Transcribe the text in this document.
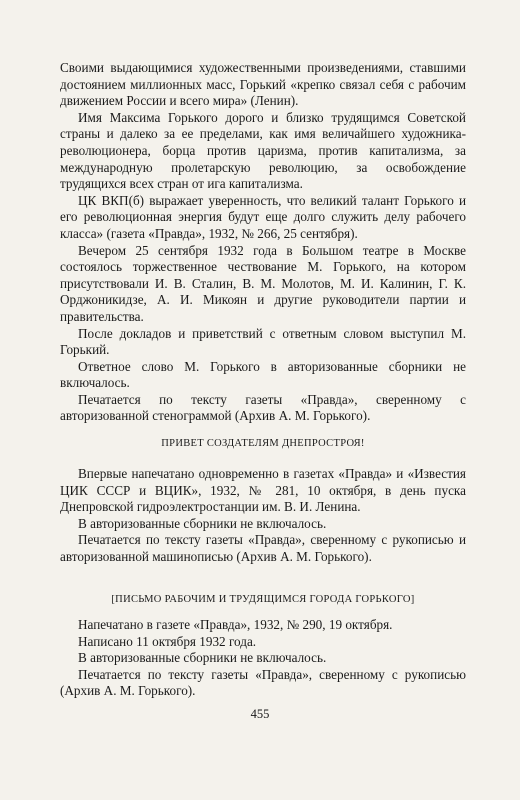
Своими выдающимися художественными произведениями, ставшими достоянием миллионных масс, Горький «крепко связал себя с рабочим движением России и всего мира» (Ленин).

Имя Максима Горького дорого и близко трудящимся Советской страны и далеко за ее пределами, как имя величайшего художника-революционера, борца против царизма, против капитализма, за международную пролетарскую революцию, за освобождение трудящихся всех стран от ига капитализма.

ЦК ВКП(б) выражает уверенность, что великий талант Горького и его революционная энергия будут еще долго служить делу рабочего класса» (газета «Правда», 1932, № 266, 25 сентября).

Вечером 25 сентября 1932 года в Большом театре в Москве состоялось торжественное чествование М. Горького, на котором присутствовали И. В. Сталин, В. М. Молотов, М. И. Калинин, Г. К. Орджоникидзе, А. И. Микоян и другие руководители партии и правительства.

После докладов и приветствий с ответным словом выступил М. Горький.

Ответное слово М. Горького в авторизованные сборники не включалось.

Печатается по тексту газеты «Правда», сверенному с авторизованной стенограммой (Архив А. М. Горького).

ПРИВЕТ СОЗДАТЕЛЯМ ДНЕПРОСТРОЯ!

Впервые напечатано одновременно в газетах «Правда» и «Известия ЦИК СССР и ВЦИК», 1932, № 281, 10 октября, в день пуска Днепровской гидроэлектростанции им. В. И. Ленина.

В авторизованные сборники не включалось.

Печатается по тексту газеты «Правда», сверенному с рукописью и авторизованной машинописью (Архив А. М. Горького).

[ПИСЬМО РАБОЧИМ И ТРУДЯЩИМСЯ ГОРОДА ГОРЬКОГО]

Напечатано в газете «Правда», 1932, № 290, 19 октября.

Написано 11 октября 1932 года.

В авторизованные сборники не включалось.

Печатается по тексту газеты «Правда», сверенному с рукописью (Архив А. М. Горького).

455
